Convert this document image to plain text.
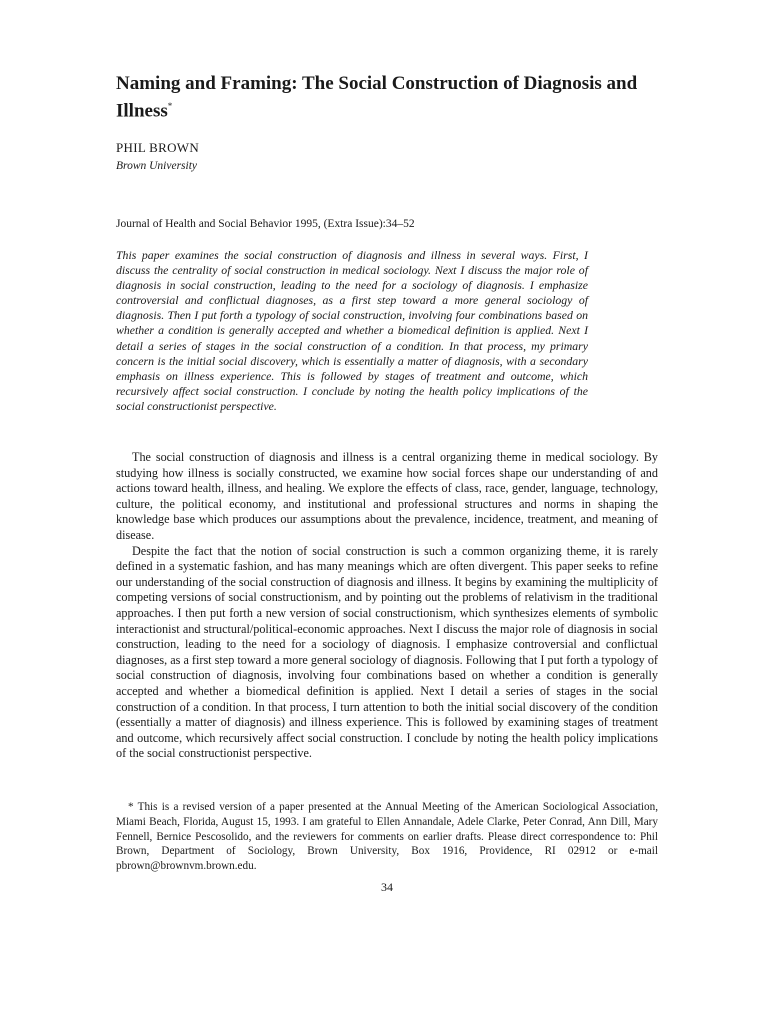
Naming and Framing: The Social Construction of Diagnosis and Illness*

PHIL BROWN

Brown University

Journal of Health and Social Behavior 1995, (Extra Issue):34–52

This paper examines the social construction of diagnosis and illness in several ways. First, I discuss the centrality of social construction in medical sociology. Next I discuss the major role of diagnosis in social construction, leading to the need for a sociology of diagnosis. I emphasize controversial and conflictual diagnoses, as a first step toward a more general sociology of diagnosis. Then I put forth a typology of social construction, involving four combinations based on whether a condition is generally accepted and whether a biomedical definition is applied. Next I detail a series of stages in the social construction of a condition. In that process, my primary concern is the initial social discovery, which is essentially a matter of diagnosis, with a secondary emphasis on illness experience. This is followed by stages of treatment and outcome, which recursively affect social construction. I conclude by noting the health policy implications of the social constructionist perspective.

The social construction of diagnosis and illness is a central organizing theme in medical sociology. By studying how illness is socially constructed, we examine how social forces shape our understanding of and actions toward health, illness, and healing. We explore the effects of class, race, gender, language, technology, culture, the political economy, and institutional and professional structures and norms in shaping the knowledge base which produces our assumptions about the prevalence, incidence, treatment, and meaning of disease.

Despite the fact that the notion of social construction is such a common organizing theme, it is rarely defined in a systematic fashion, and has many meanings which are often divergent. This paper seeks to refine our understanding of the social construction of diagnosis and illness. It begins by examining the multiplicity of competing versions of social constructionism, and by pointing out the problems of relativism in the traditional approaches. I then put forth a new version of social constructionism, which synthesizes elements of symbolic interactionist and structural/political-economic approaches. Next I discuss the major role of diagnosis in social construction, leading to the need for a sociology of diagnosis. I emphasize controversial and conflictual diagnoses, as a first step toward a more general sociology of diagnosis. Following that I put forth a typology of social construction of diagnosis, involving four combinations based on whether a condition is generally accepted and whether a biomedical definition is applied. Next I detail a series of stages in the social construction of a condition. In that process, I turn attention to both the initial social discovery of the condition (essentially a matter of diagnosis) and illness experience. This is followed by examining stages of treatment and outcome, which recursively affect social construction. I conclude by noting the health policy implications of the social constructionist perspective.

* This is a revised version of a paper presented at the Annual Meeting of the American Sociological Association, Miami Beach, Florida, August 15, 1993. I am grateful to Ellen Annandale, Adele Clarke, Peter Conrad, Ann Dill, Mary Fennell, Bernice Pescosolido, and the reviewers for comments on earlier drafts. Please direct correspondence to: Phil Brown, Department of Sociology, Brown University, Box 1916, Providence, RI 02912 or e-mail pbrown@brownvm.brown.edu.

34
